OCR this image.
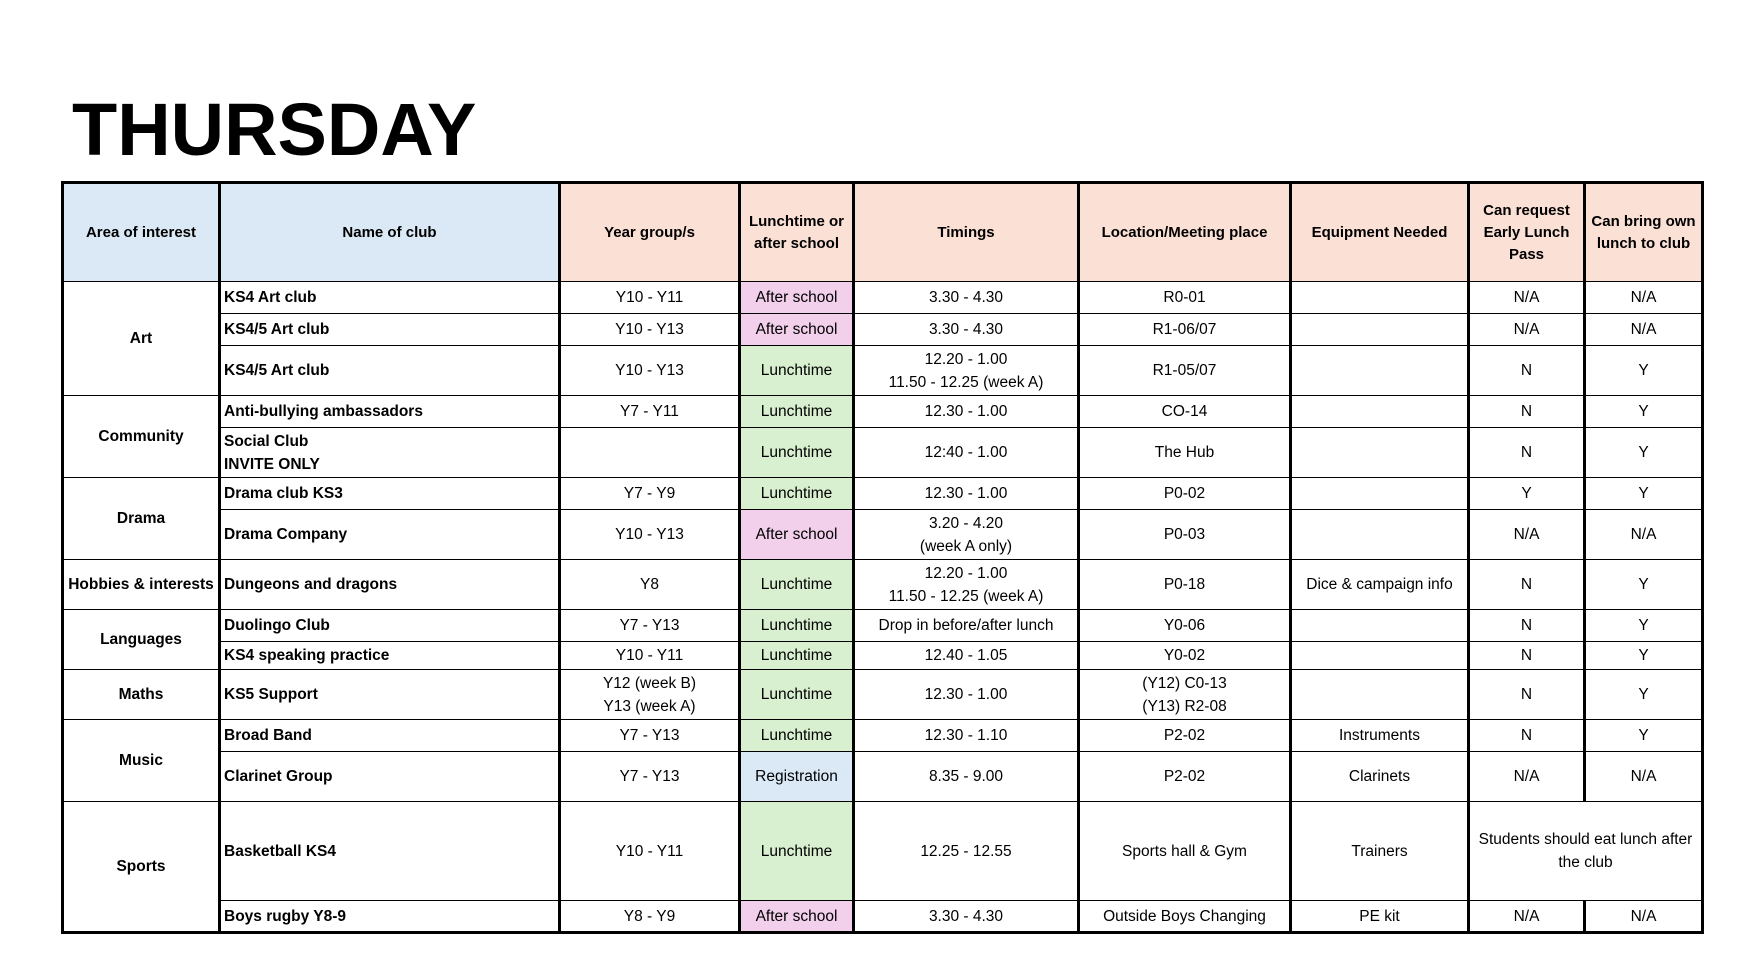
THURSDAY
Area of interest	Name of club	Year group/s	Lunchtime or after school	Timings	Location/Meeting place	Equipment Needed	Can request Early Lunch Pass	Can bring own lunch to club
Art	KS4 Art club	Y10 - Y11	After school	3.30 - 4.30	R0-01		N/A	N/A

	KS4/5 Art club	Y10 - Y13	After school	3.30 - 4.30	R1-06/07		N/A	N/A

	KS4/5 Art club	Y10 - Y13	Lunchtime	12.20 - 1.00
11.50 - 12.25 (week A)	R1-05/07		N	Y
Community	Anti-bullying ambassadors	Y7 - Y11	Lunchtime	12.30 - 1.00	CO-14		N	Y

	Social Club
INVITE ONLY		Lunchtime	12:40 - 1.00	The Hub		N	Y
Drama	Drama club KS3	Y7 - Y9	Lunchtime	12.30 - 1.00	P0-02		Y	Y

	Drama Company	Y10 - Y13	After school	3.20 - 4.20
(week A only)	P0-03		N/A	N/A
Hobbies & interests	Dungeons and dragons	Y8	Lunchtime	12.20 - 1.00
11.50 - 12.25 (week A)	P0-18	Dice & campaign info	N	Y
Languages	Duolingo Club	Y7 - Y13	Lunchtime	Drop in before/after lunch	Y0-06		N	Y

	KS4 speaking practice	Y10 - Y11	Lunchtime	12.40 - 1.05	Y0-02		N	Y
Maths	KS5 Support	Y12 (week B)
Y13 (week A)	Lunchtime	12.30 - 1.00	(Y12) C0-13
(Y13) R2-08		N	Y
Music	Broad Band	Y7 - Y13	Lunchtime	12.30 - 1.10	P2-02	Instruments	N	Y

	Clarinet Group	Y7 - Y13	Registration	8.35 - 9.00	P2-02	Clarinets	N/A	N/A
Sports	Basketball KS4	Y10 - Y11	Lunchtime	12.25 - 12.55	Sports hall & Gym	Trainers	Students should eat lunch after the club	

	Boys rugby Y8-9	Y8 - Y9	After school	3.30 - 4.30	Outside Boys Changing	PE kit	N/A	N/A
